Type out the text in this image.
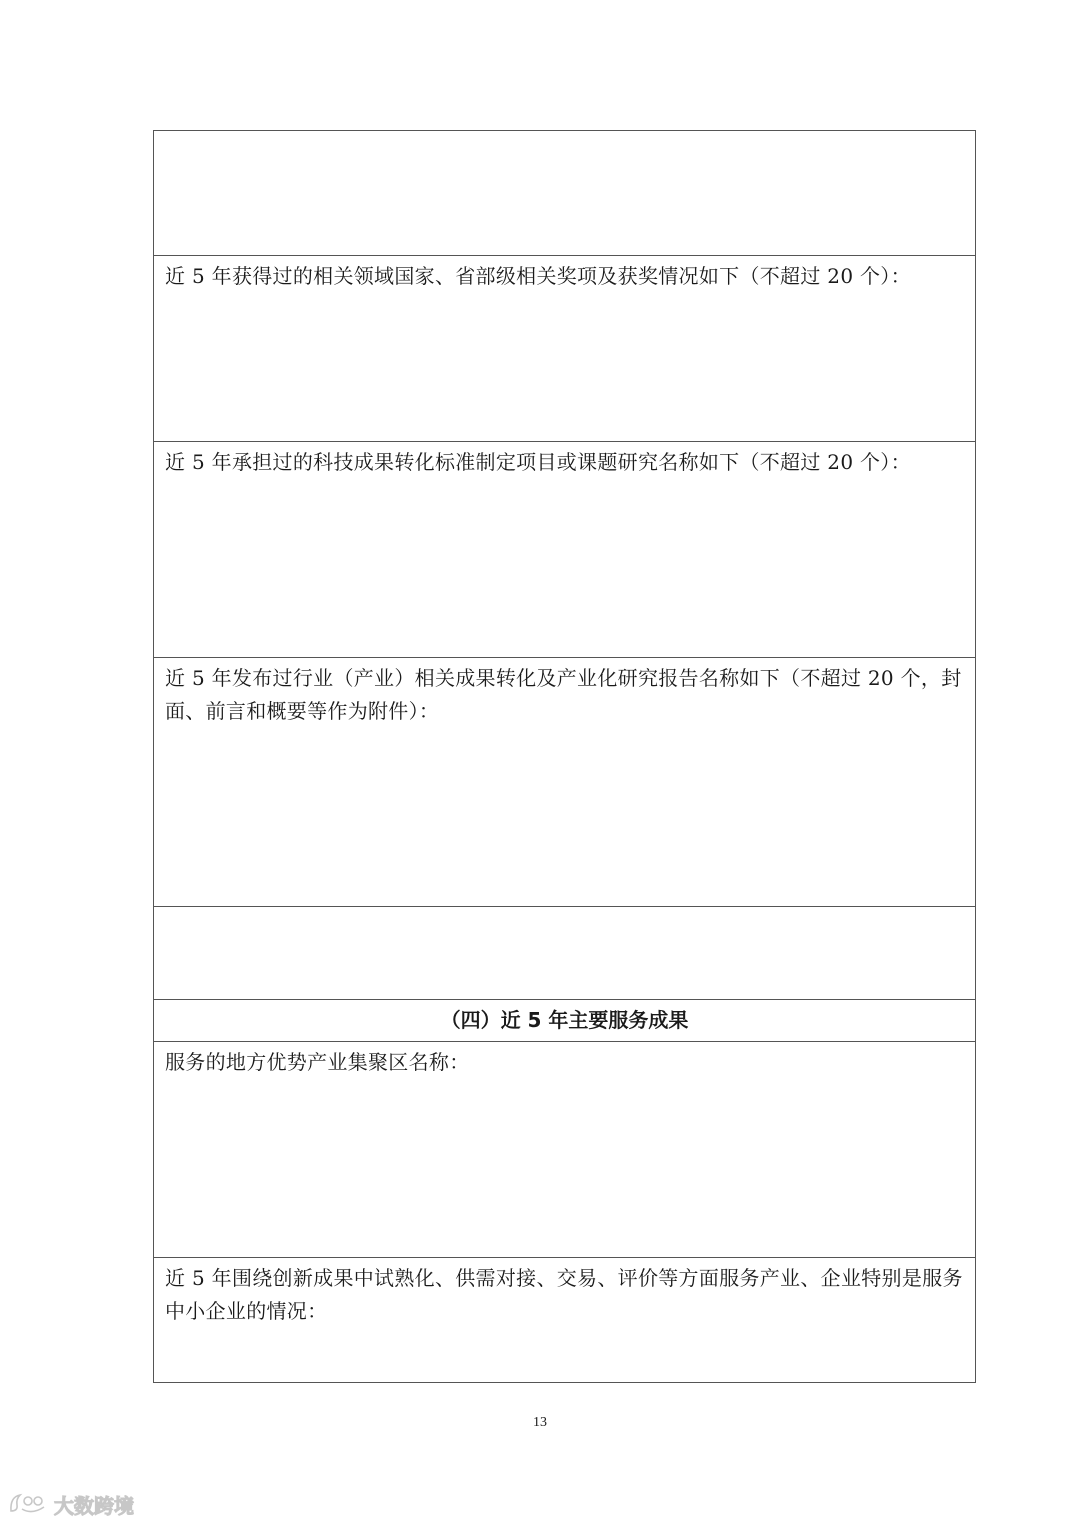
近 5 年获得过的相关领域国家、省部级相关奖项及获奖情况如下（不超过 20 个）：

近 5 年承担过的科技成果转化标准制定项目或课题研究名称如下（不超过 20 个）：

近 5 年发布过行业（产业）相关成果转化及产业化研究报告名称如下（不超过 20 个，封面、前言和概要等作为附件）：

（四）近 5 年主要服务成果

服务的地方优势产业集聚区名称：

近 5 年围绕创新成果中试熟化、供需对接、交易、评价等方面服务产业、企业特别是服务中小企业的情况：
13
大数跨境
